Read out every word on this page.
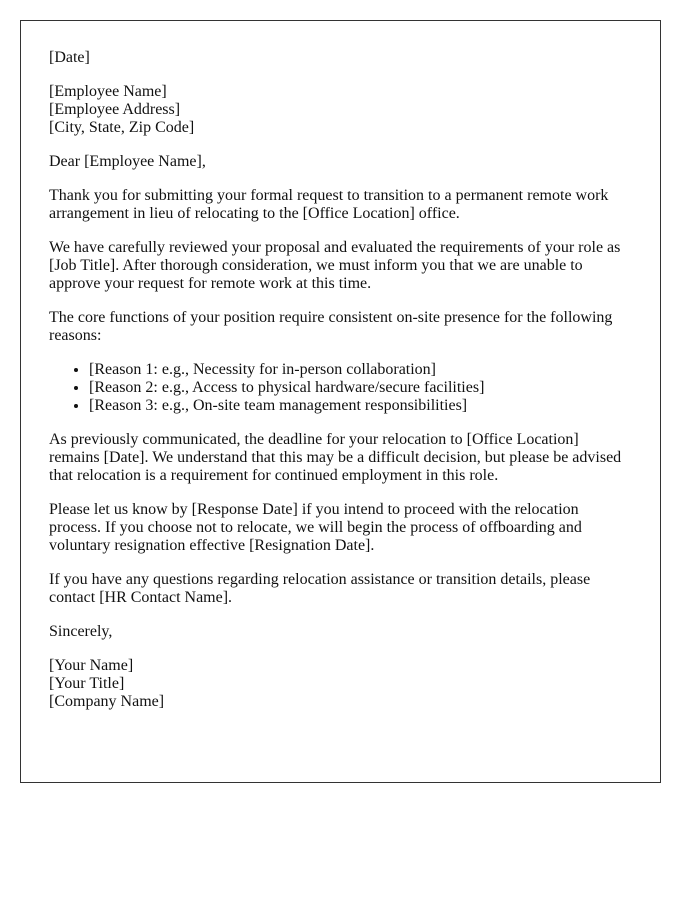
[Date]

[Employee Name]
[Employee Address]
[City, State, Zip Code]

Dear [Employee Name],

Thank you for submitting your formal request to transition to a permanent remote work arrangement in lieu of relocating to the [Office Location] office.

We have carefully reviewed your proposal and evaluated the requirements of your role as [Job Title]. After thorough consideration, we must inform you that we are unable to approve your request for remote work at this time.

The core functions of your position require consistent on-site presence for the following reasons:

• [Reason 1: e.g., Necessity for in-person collaboration]
• [Reason 2: e.g., Access to physical hardware/secure facilities]
• [Reason 3: e.g., On-site team management responsibilities]

As previously communicated, the deadline for your relocation to [Office Location] remains [Date]. We understand that this may be a difficult decision, but please be advised that relocation is a requirement for continued employment in this role.

Please let us know by [Response Date] if you intend to proceed with the relocation process. If you choose not to relocate, we will begin the process of offboarding and voluntary resignation effective [Resignation Date].

If you have any questions regarding relocation assistance or transition details, please contact [HR Contact Name].

Sincerely,

[Your Name]
[Your Title]
[Company Name]
